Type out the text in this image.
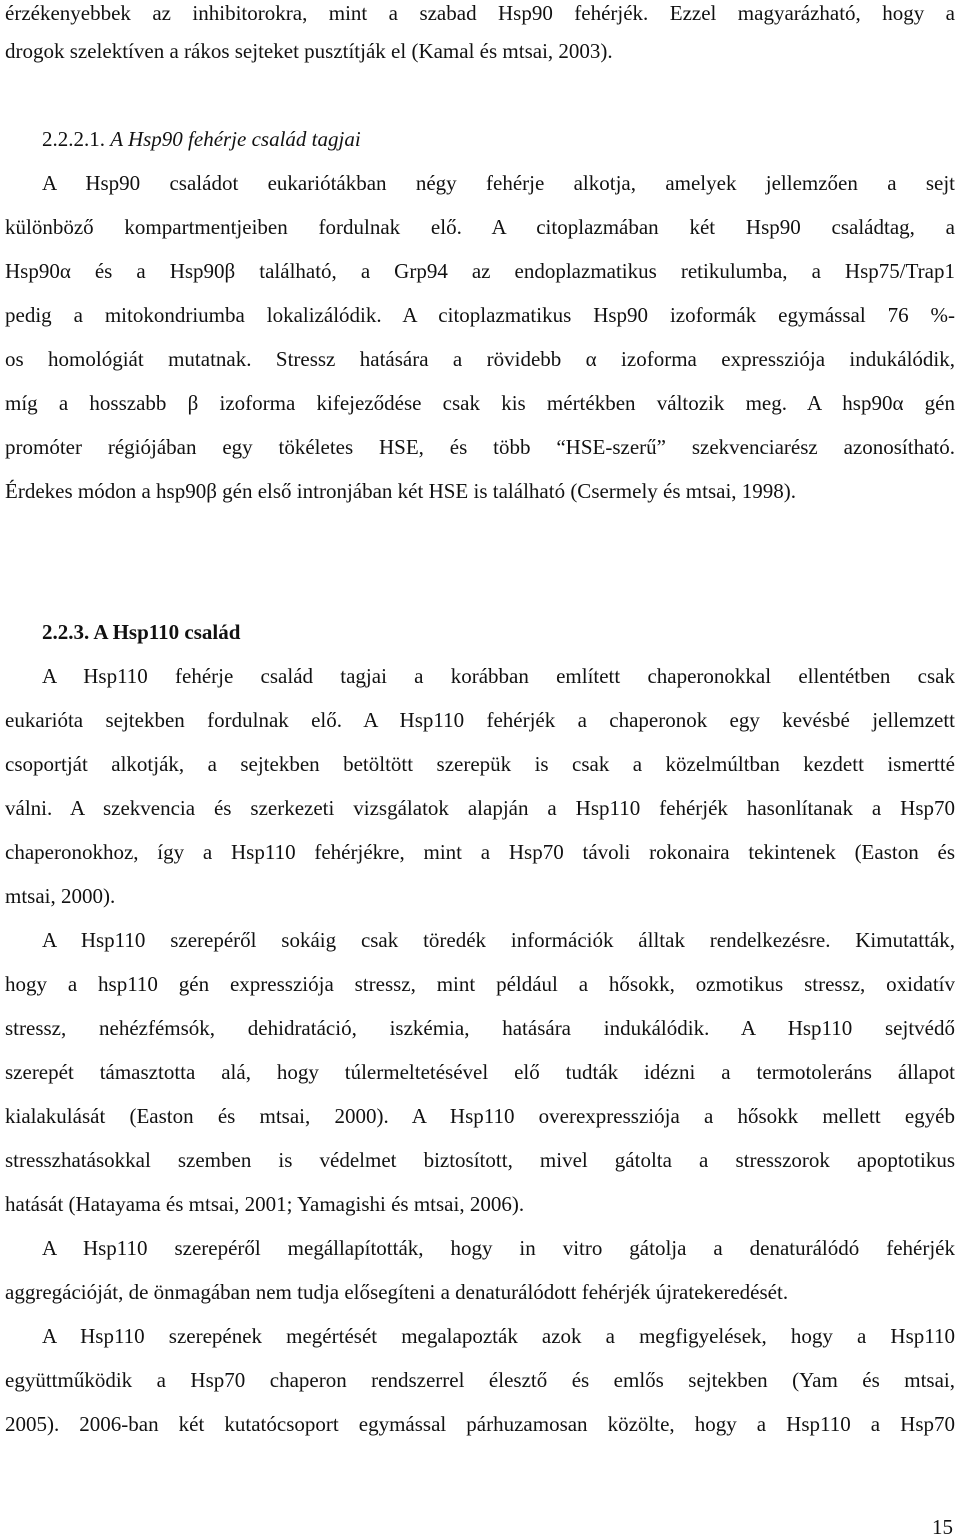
érzékenyebbek az inhibitorokra, mint a szabad Hsp90 fehérjék. Ezzel magyarázható, hogy a
drogok szelektíven a rákos sejteket pusztítják el (Kamal és mtsai, 2003).
2.2.2.1. A Hsp90 fehérje család tagjai
A Hsp90 családot eukariótákban négy fehérje alkotja, amelyek jellemzően a sejt
különböző kompartmentjeiben fordulnak elő. A citoplazmában két Hsp90 családtag, a
Hsp90α és a Hsp90β található, a Grp94 az endoplazmatikus retikulumba, a Hsp75/Trap1
pedig a mitokondriumba lokalizálódik. A citoplazmatikus Hsp90 izoformák egymással 76 %-
os homológiát mutatnak. Stressz hatására a rövidebb α izoforma expressziója indukálódik,
míg a hosszabb β izoforma kifejeződése csak kis mértékben változik meg. A hsp90α gén
promóter régiójában egy tökéletes HSE, és több “HSE-szerű” szekvenciarész azonosítható.
Érdekes módon a hsp90β gén első intronjában két HSE is található (Csermely és mtsai, 1998).
2.2.3. A Hsp110 család
A Hsp110 fehérje család tagjai a korábban említett chaperonokkal ellentétben csak
eukarióta sejtekben fordulnak elő. A Hsp110 fehérjék a chaperonok egy kevésbé jellemzett
csoportját alkotják, a sejtekben betöltött szerepük is csak a közelmúltban kezdett ismertté
válni. A szekvencia és szerkezeti vizsgálatok alapján a Hsp110 fehérjék hasonlítanak a Hsp70
chaperonokhoz, így a Hsp110 fehérjékre, mint a Hsp70 távoli rokonaira tekintenek (Easton és
mtsai, 2000).
A Hsp110 szerepéről sokáig csak töredék információk álltak rendelkezésre. Kimutatták,
hogy a hsp110 gén expressziója stressz, mint például a hősokk, ozmotikus stressz, oxidatív
stressz, nehézfémsók, dehidratáció, iszkémia, hatására indukálódik. A Hsp110 sejtvédő
szerepét támasztotta alá, hogy túlermeltetésével elő tudták idézni a termotoleráns állapot
kialakulását (Easton és mtsai, 2000). A Hsp110 overexpressziója a hősokk mellett egyéb
stresszhatásokkal szemben is védelmet biztosított, mivel gátolta a stresszorok apoptotikus
hatását (Hatayama és mtsai, 2001; Yamagishi és mtsai, 2006).
A Hsp110 szerepéről megállapították, hogy in vitro gátolja a denaturálódó fehérjék
aggregációját, de önmagában nem tudja elősegíteni a denaturálódott fehérjék újratekeredését.
A Hsp110 szerepének megértését megalapozták azok a megfigyelések, hogy a Hsp110
együttműködik a Hsp70 chaperon rendszerrel élesztő és emlős sejtekben (Yam és mtsai,
2005). 2006-ban két kutatócsoport egymással párhuzamosan közölte, hogy a Hsp110 a Hsp70
15
